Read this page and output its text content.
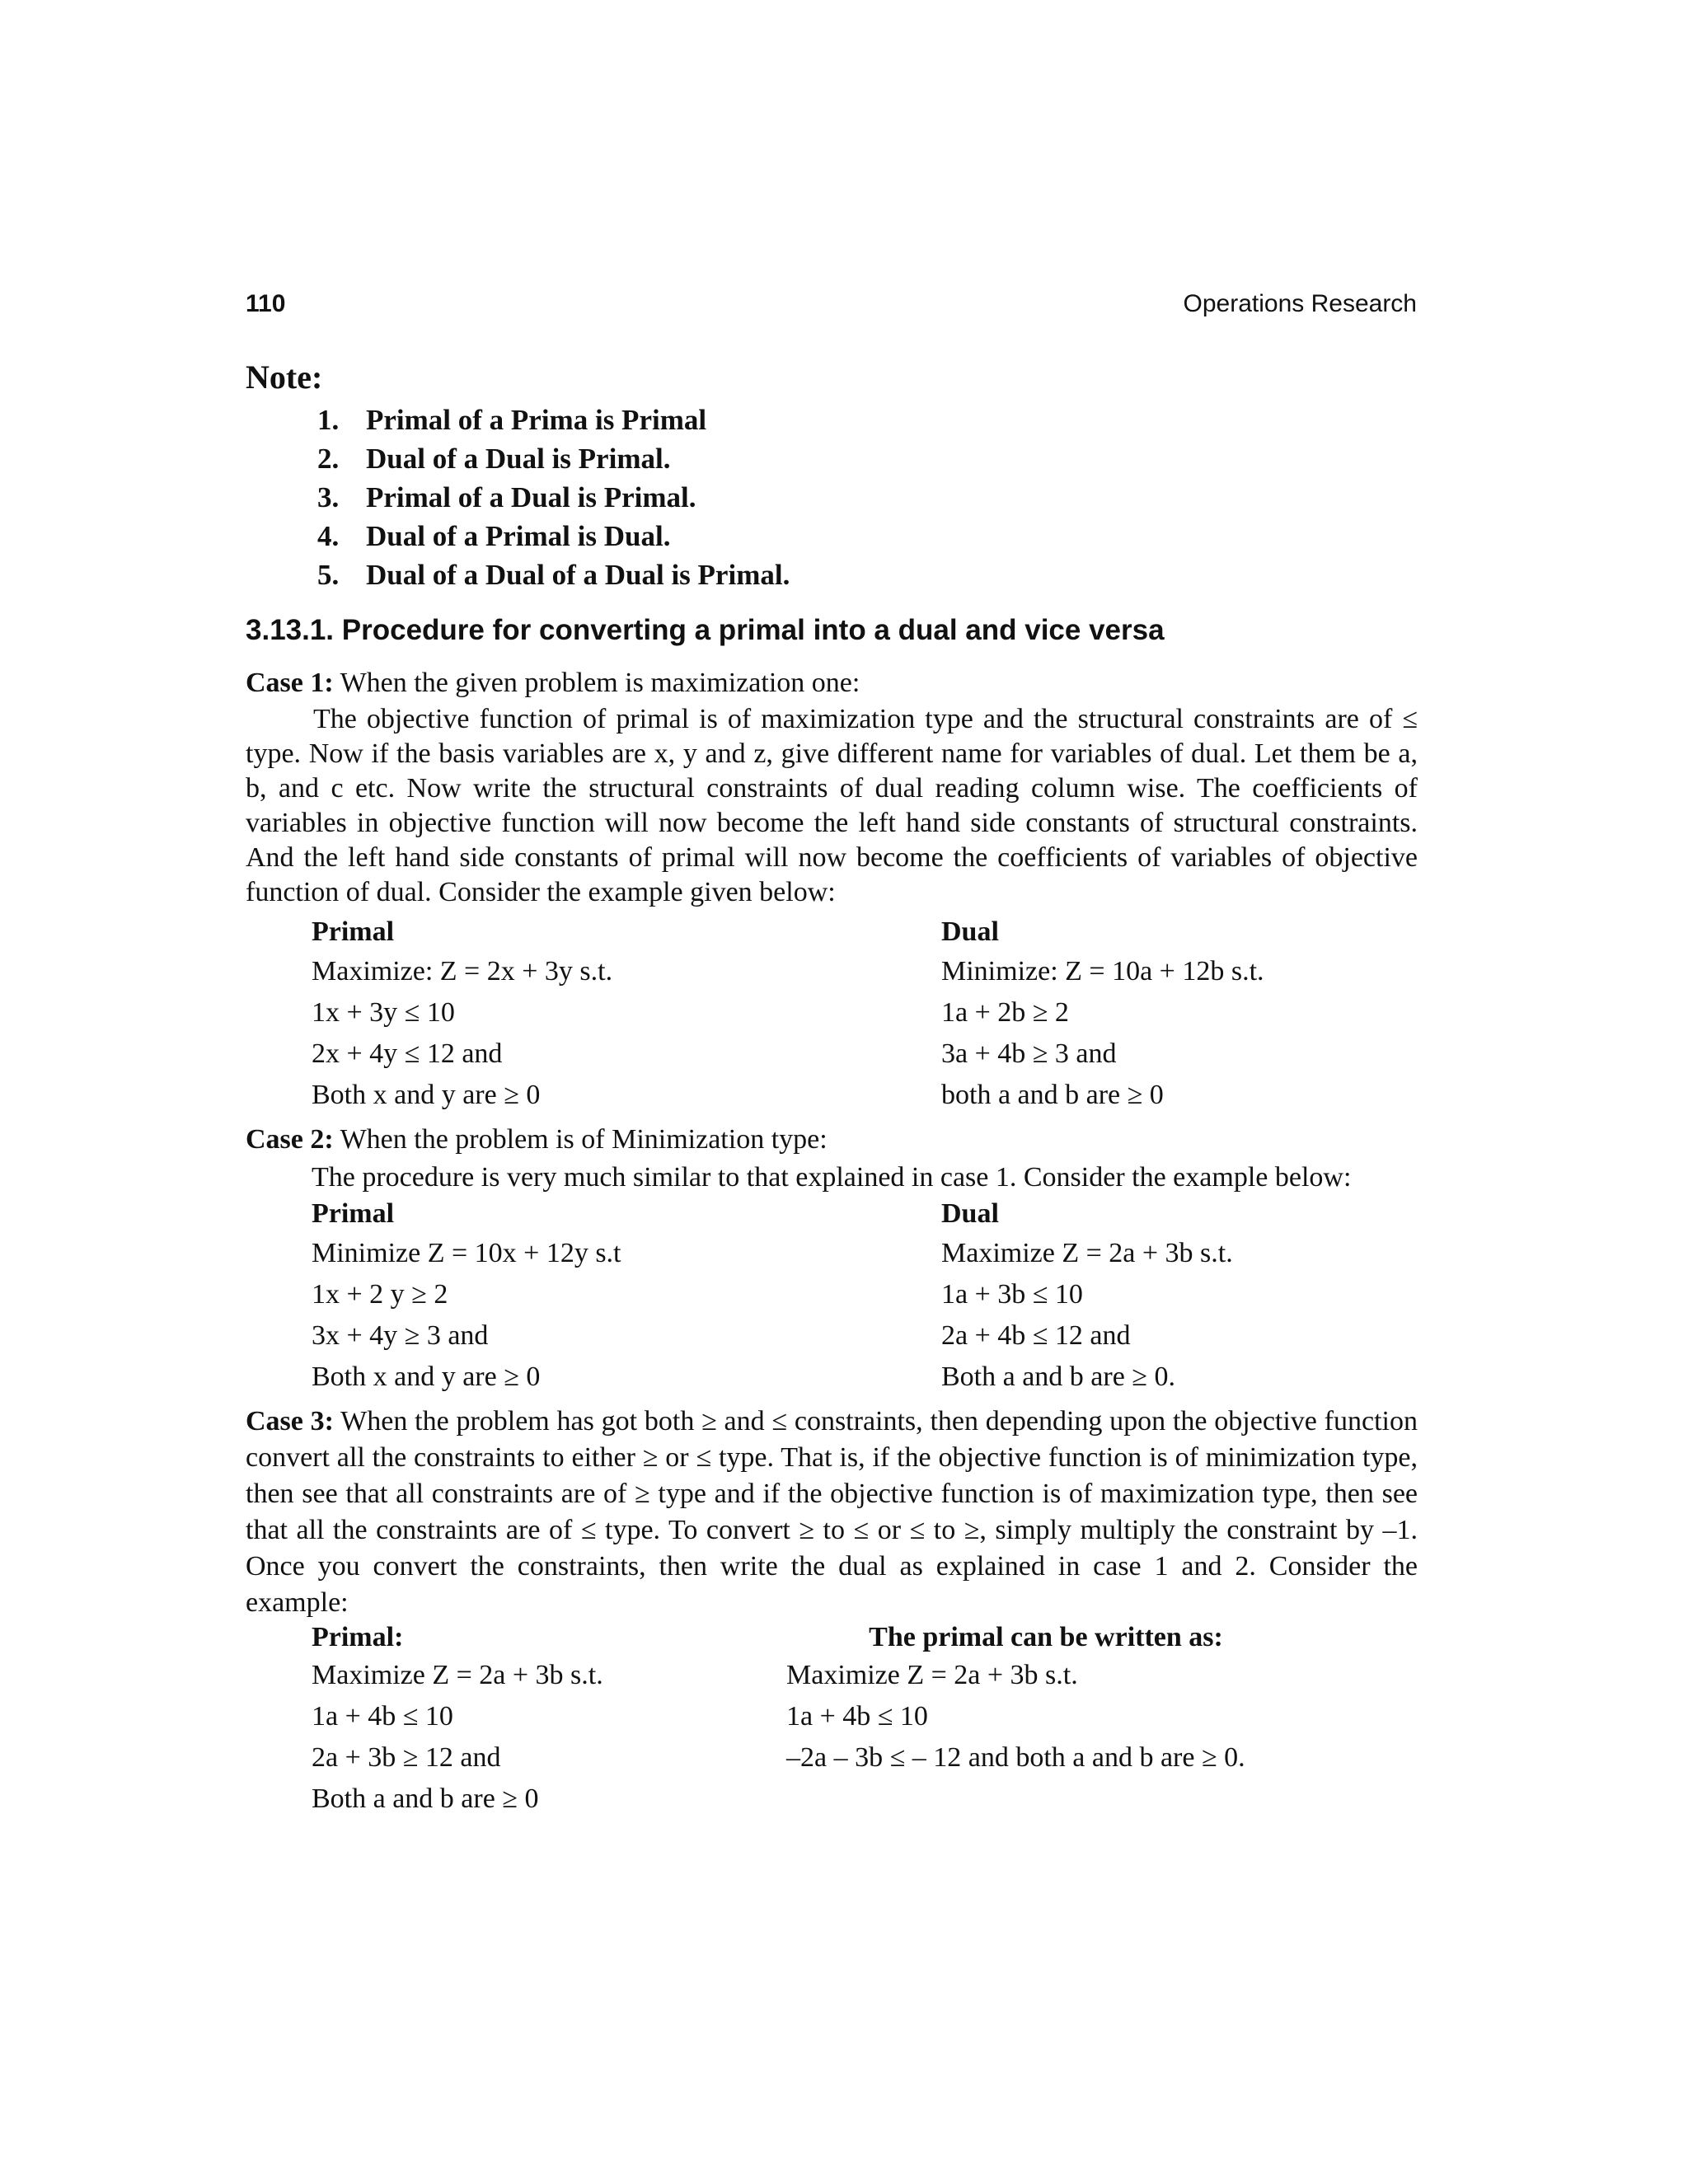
110	Operations Research
Note:
1. Primal of a Prima is Primal
2. Dual of a Dual is Primal.
3. Primal of a Dual is Primal.
4. Dual of a Primal is Dual.
5. Dual of a Dual of a Dual is Primal.
3.13.1. Procedure for converting a primal into a dual and vice versa
Case 1: When the given problem is maximization one:
The objective function of primal is of maximization type and the structural constraints are of ≤ type. Now if the basis variables are x, y and z, give different name for variables of dual. Let them be a, b, and c etc. Now write the structural constraints of dual reading column wise. The coefficients of variables in objective function will now become the left hand side constants of structural constraints. And the left hand side constants of primal will now become the coefficients of variables of objective function of dual. Consider the example given below:
Primal
Maximize: Z = 2x + 3y s.t.
1x + 3y ≤ 10
2x + 4y ≤ 12 and
Both x and y are ≥ 0
Dual
Minimize: Z = 10a + 12b s.t.
1a + 2b ≥ 2
3a + 4b ≥ 3 and
both a and b are ≥ 0
Case 2: When the problem is of Minimization type:
The procedure is very much similar to that explained in case 1. Consider the example below:
Primal
Minimize Z = 10x + 12y s.t
1x + 2 y ≥ 2
3x + 4y ≥ 3 and
Both x and y are ≥ 0
Dual
Maximize Z = 2a + 3b s.t.
1a + 3b ≤ 10
2a + 4b ≤ 12 and
Both a and b are ≥ 0.
Case 3: When the problem has got both ≥ and ≤ constraints, then depending upon the objective function convert all the constraints to either ≥ or ≤ type. That is, if the objective function is of minimization type, then see that all constraints are of ≥ type and if the objective function is of maximization type, then see that all the constraints are of ≤ type. To convert ≥ to ≤ or ≤ to ≥, simply multiply the constraint by –1. Once you convert the constraints, then write the dual as explained in case 1 and 2. Consider the example:
Primal:
Maximize Z = 2a + 3b s.t.
1a + 4b ≤ 10
2a + 3b ≥ 12 and
Both a and b are ≥ 0
The primal can be written as:
Maximize Z = 2a + 3b s.t.
1a + 4b ≤ 10
–2a – 3b ≤ – 12 and both a and b are ≥ 0.
